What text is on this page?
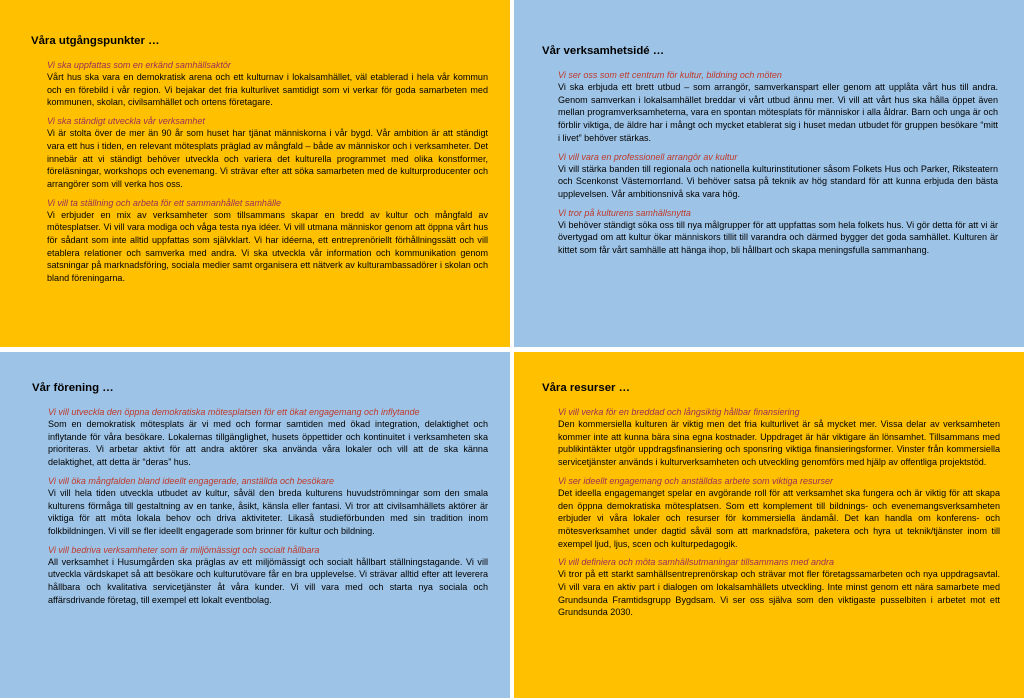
Våra utgångspunkter …
Vi ska uppfattas som en erkänd samhällsaktör
Vårt hus ska vara en demokratisk arena och ett kulturnav i lokalsamhället, väl etablerad i hela vår kommun och en förebild i vår region. Vi bejakar det fria kulturlivet samtidigt som vi verkar för goda samarbeten med kommunen, skolan, civilsamhället och ortens företagare.
Vi ska ständigt utveckla vår verksamhet
Vi är stolta över de mer än 90 år som huset har tjänat människorna i vår bygd. Vår ambition är att ständigt vara ett hus i tiden, en relevant mötesplats präglad av mångfald – både av människor och i verksamheter. Det innebär att vi ständigt behöver utveckla och variera det kulturella programmet med olika konstformer, föreläsningar, workshops och evenemang. Vi strävar efter att söka samarbeten med de kulturproducenter och arrangörer som vill verka hos oss.
Vi vill ta ställning och arbeta för ett sammanhållet samhälle
Vi erbjuder en mix av verksamheter som tillsammans skapar en bredd av kultur och mångfald av mötesplatser. Vi vill vara modiga och våga testa nya idéer. Vi vill utmana människor genom att öppna vårt hus för sådant som inte alltid uppfattas som självklart. Vi har idéerna, ett entreprenöriellt förhållningssätt och vill etablera relationer och samverka med andra. Vi ska utveckla vår information och kommunikation genom satsningar på marknadsföring, sociala medier samt organisera ett nätverk av kulturambassadörer i skolan och bland föreningarna.
Vår verksamhetsidé …
Vi ser oss som ett centrum för kultur, bildning och möten
Vi ska erbjuda ett brett utbud – som arrangör, samverkanspart eller genom att upplåta vårt hus till andra. Genom samverkan i lokalsamhället breddar vi vårt utbud ännu mer. Vi vill att vårt hus ska hålla öppet även mellan programverksamheterna, vara en spontan mötesplats för människor i alla åldrar. Barn och unga är och förblir viktiga, de äldre har i mångt och mycket etablerat sig i huset medan utbudet för gruppen besökare “mitt i livet” behöver stärkas.
Vi vill vara en professionell arrangör av kultur
Vi vill stärka banden till regionala och nationella kulturinstitutioner såsom Folkets Hus och Parker, Riksteatern och Scenkonst Västernorrland. Vi behöver satsa på teknik av hög standard för att kunna erbjuda den bästa upplevelsen. Vår ambitionsnivå ska vara hög.
Vi tror på kulturens samhällsnytta
Vi behöver ständigt söka oss till nya målgrupper för att uppfattas som hela folkets hus. Vi gör detta för att vi är övertygad om att kultur ökar människors tillit till varandra och därmed bygger det goda samhället. Kulturen är kittet som får vårt samhälle att hänga ihop, bli hållbart och skapa meningsfulla sammanhang.
Vår förening …
Vi vill utveckla den öppna demokratiska mötesplatsen för ett ökat engagemang och inflytande
Som en demokratisk mötesplats är vi med och formar samtiden med ökad integration, delaktighet och inflytande för våra besökare. Lokalernas tillgänglighet, husets öppettider och kontinuitet i verksamheten ska prioriteras. Vi arbetar aktivt för att andra aktörer ska använda våra lokaler och vill att de ska känna delaktighet, att detta är “deras” hus.
Vi vill öka mångfalden bland ideellt engagerade, anställda och besökare
Vi vill hela tiden utveckla utbudet av kultur, såväl den breda kulturens huvudströmningar som den smala kulturens förmåga till gestaltning av en tanke, åsikt, känsla eller fantasi. Vi tror att civilsamhällets aktörer är viktiga för att möta lokala behov och driva aktiviteter. Likaså studieförbunden med sin tradition inom folkbildningen. Vi vill se fler ideellt engagerade som brinner för kultur och bildning.
Vi vill bedriva verksamheter som är miljömässigt och socialt hållbara
All verksamhet i Husumgården ska präglas av ett miljömässigt och socialt hållbart ställningstagande. Vi vill utveckla värdskapet så att besökare och kulturutövare får en bra upplevelse. Vi strävar alltid efter att leverera hållbara och kvalitativa servicetjänster åt våra kunder. Vi vill vara med och starta nya sociala och affärsdrivande företag, till exempel ett lokalt eventbolag.
Våra resurser …
Vi vill verka för en breddad och långsiktig hållbar finansiering
Den kommersiella kulturen är viktig men det fria kulturlivet är så mycket mer. Vissa delar av verksamheten kommer inte att kunna bära sina egna kostnader. Uppdraget är här viktigare än lönsamhet. Tillsammans med publikintäkter utgör uppdragsfinansiering och sponsring viktiga finansieringsformer. Vinster från kommersiella servicetjänster används i kulturverksamheten och utveckling genomförs med hjälp av offentliga projektstöd.
Vi ser ideellt engagemang och anställdas arbete som viktiga resurser
Det ideella engagemanget spelar en avgörande roll för att verksamhet ska fungera och är viktig för att skapa den öppna demokratiska mötesplatsen. Som ett komplement till bildnings- och evenemangsverksamheten erbjuder vi våra lokaler och resurser för kommersiella ändamål. Det kan handla om konferens- och mötesverksamhet under dagtid såväl som att marknadsföra, paketera och hyra ut teknik/tjänster inom till exempel ljud, ljus, scen och kulturpedagogik.
Vi vill definiera och möta samhällsutmaningar tillsammans med andra
Vi tror på ett starkt samhällsentreprenörskap och strävar mot fler företagssamarbeten och nya uppdragsavtal. Vi vill vara en aktiv part i dialogen om lokalsamhällets utveckling. Inte minst genom ett nära samarbete med Grundsunda Framtidsgrupp Bygdsam. Vi ser oss själva som den viktigaste pusselbiten i arbetet mot ett Grundsunda 2030.
